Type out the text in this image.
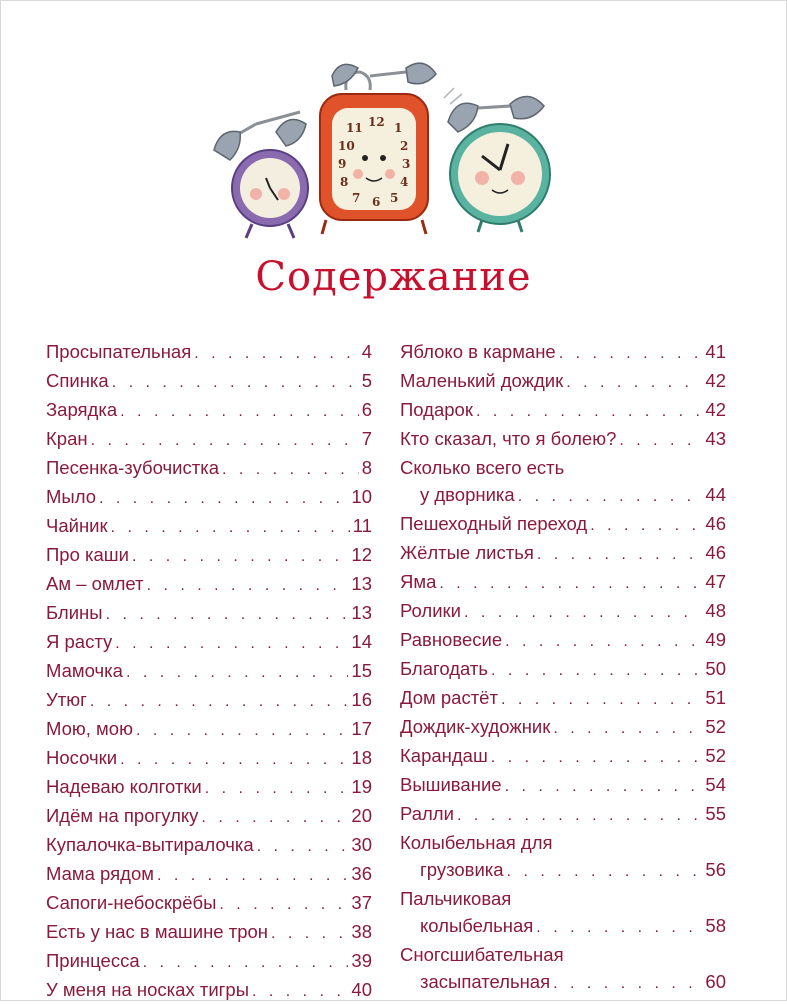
12 1
2
3
4
5
6
7
8
9
10
11
Содержание
Просыпательная . . .	4
Спинка . . .	5
Зарядка . . .	6
Кран . . .	7
Песенка-зубочистка . . .	8
Мыло . . .	10
Чайник . . .	11
Про каши . . .	12
Ам – омлет . . .	13
Блины . . .	13
Я расту . . .	14
Мамочка . . .	15
Утюг . . .	16
Мою, мою . . .	17
Носочки . . .	18
Надеваю колготки . . .	19
Идём на прогулку . . .	20
Купалочка-вытиралочка . . .	30
Мама рядом . . .	36
Сапоги-небоскрёбы . . .	37
Есть у нас в машине трон . . .	38
Принцесса . . .	39
У меня на носках тигры . . .	40
Яблоко в кармане . . .	41
Маленький дождик . . .	42
Подарок . . .	42
Кто сказал, что я болею? . . .	43
Сколько всего есть
у дворника . . .	44
Пешеходный переход . . .	46
Жёлтые листья . . .	46
Яма . . .	47
Ролики . . .	48
Равновесие . . .	49
Благодать . . .	50
Дом растёт . . .	51
Дождик-художник . . .	52
Карандаш . . .	52
Вышивание . . .	54
Ралли . . .	55
Колыбельная для
грузовика . . .	56
Пальчиковая
колыбельная . . .	58
Сногсшибательная
засыпательная . . .	60
